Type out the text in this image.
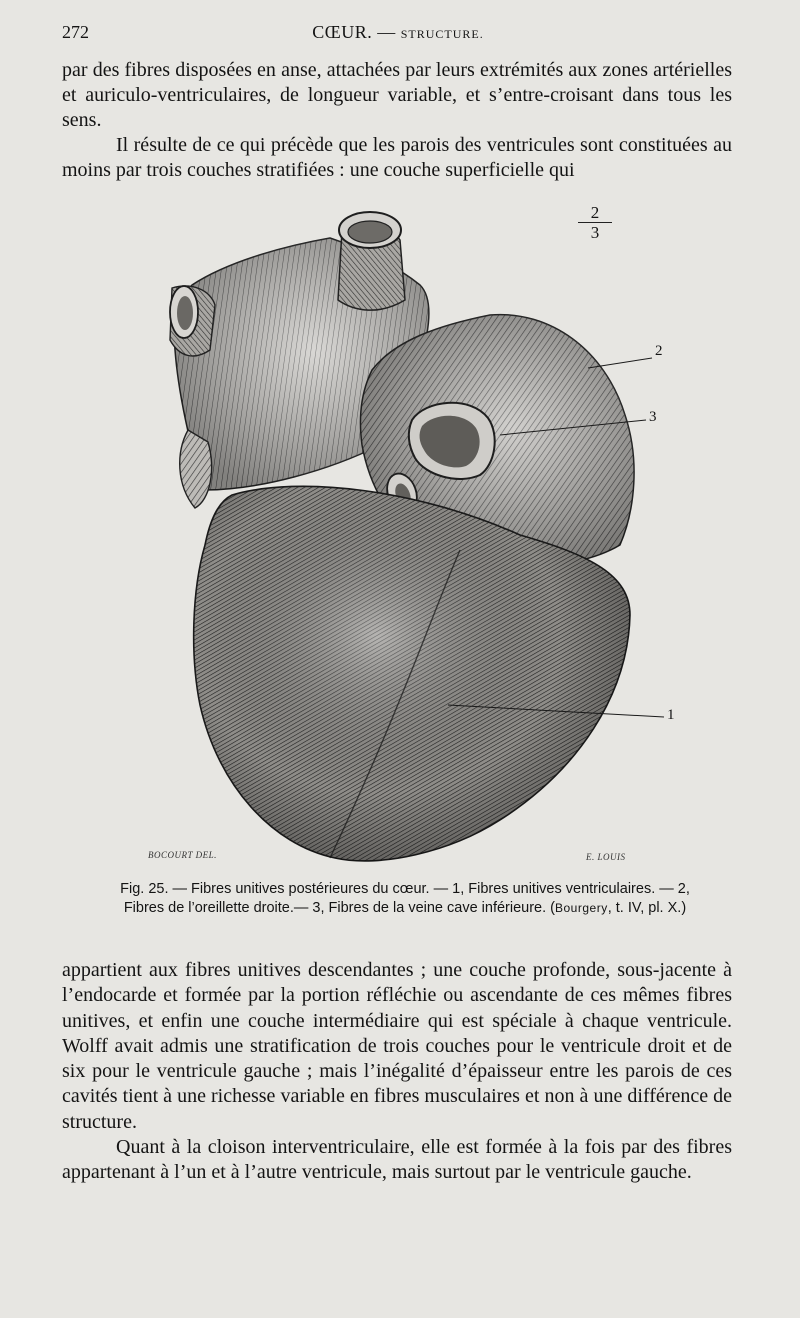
272	CŒUR. — STRUCTURE.

par des fibres disposées en anse, attachées par leurs extrémités aux zones artérielles et auriculo-ventriculaires, de longueur variable, et s’entre-croisant dans tous les sens.

Il résulte de ce qui précède que les parois des ventricules sont constituées au moins par trois couches stratifiées : une couche superficielle qui

2
3
2
3
1
BOCOURT DEL.	E. LOUIS
Fig. 25. — Fibres unitives postérieures du cœur. — 1, Fibres unitives ventriculaires. — 2,
Fibres de l’oreillette droite.— 3, Fibres de la veine cave inférieure. (Bourgery, t. IV, pl. X.)

appartient aux fibres unitives descendantes ; une couche profonde, sous-jacente à l’endocarde et formée par la portion réfléchie ou ascendante de ces mêmes fibres unitives, et enfin une couche intermédiaire qui est spéciale à chaque ventricule. Wolff avait admis une stratification de trois couches pour le ventricule droit et de six pour le ventricule gauche ; mais l’inégalité d’épaisseur entre les parois de ces cavités tient à une richesse variable en fibres musculaires et non à une différence de structure.

Quant à la cloison interventriculaire, elle est formée à la fois par des fibres appartenant à l’un et à l’autre ventricule, mais surtout par le ventricule gauche.
